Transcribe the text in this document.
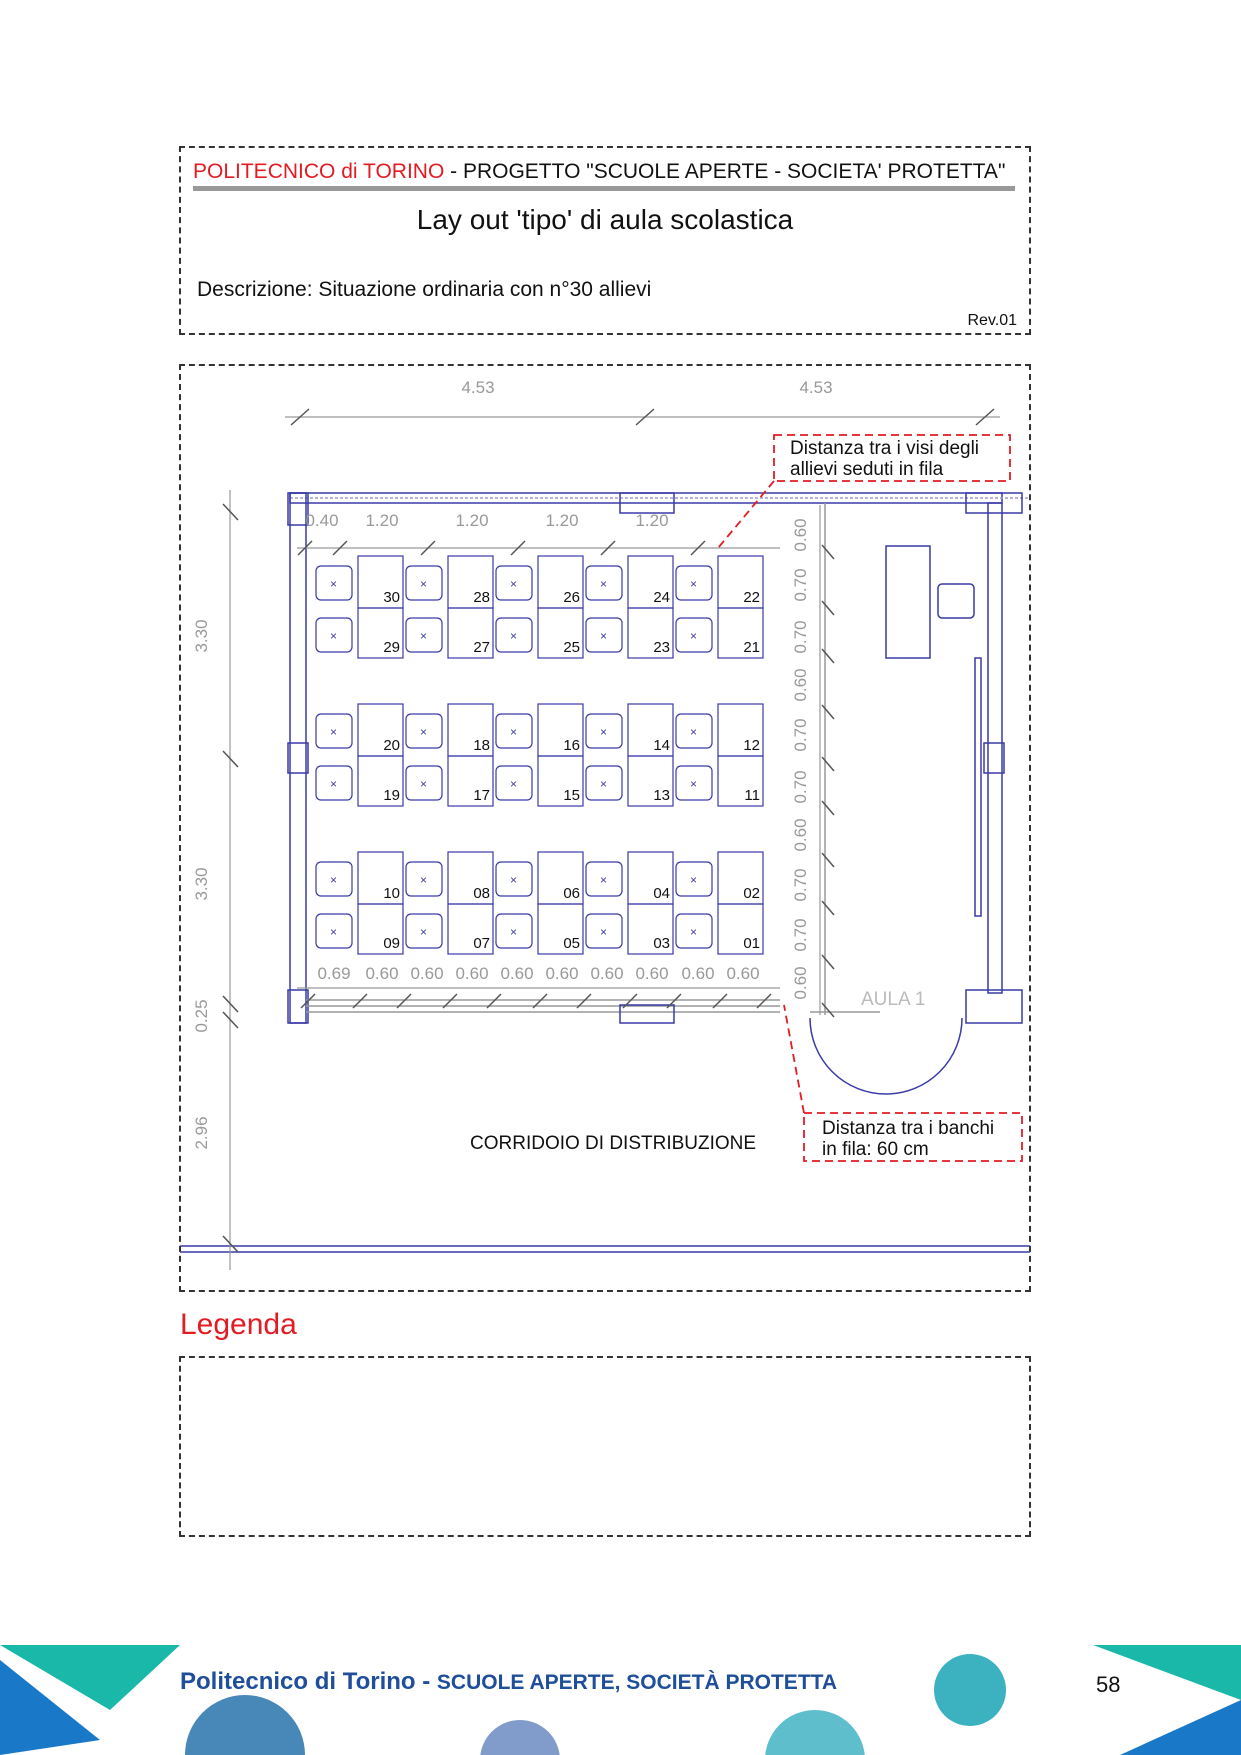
POLITECNICO di TORINO - PROGETTO "SCUOLE APERTE - SOCIETA' PROTETTA"
Lay out 'tipo' di aula scolastica
Descrizione: Situazione ordinaria con n°30 allievi
Rev.01
×
30
×
28
×
26
×
24
×
22
×
29
×
27
×
25
×
23
×
21
×
20
×
18
×
16
×
14
×
12
×
19
×
17
×
15
×
13
×
11
×
10
×
08
×
06
×
04
×
02
×
09
×
07
×
05
×
03
×
01
4.53	4.53
0.40 1.20	1.20	1.20	1.20	0.60
0.70
0.70
0.60
0.70
0.70
0.60
0.70
0.70
0.60
3.30
3.30
0.25
2.96
0.69 0.60 0.60 0.60 0.60 0.60 0.60 0.60 0.60 0.60
AULA 1
CORRIDOIO DI DISTRIBUZIONE
Distanza tra i visi degli
allievi seduti in fila
Distanza tra i banchi
in fila: 60 cm
Legenda
Politecnico di Torino - SCUOLE APERTE, SOCIETÀ PROTETTA	58
